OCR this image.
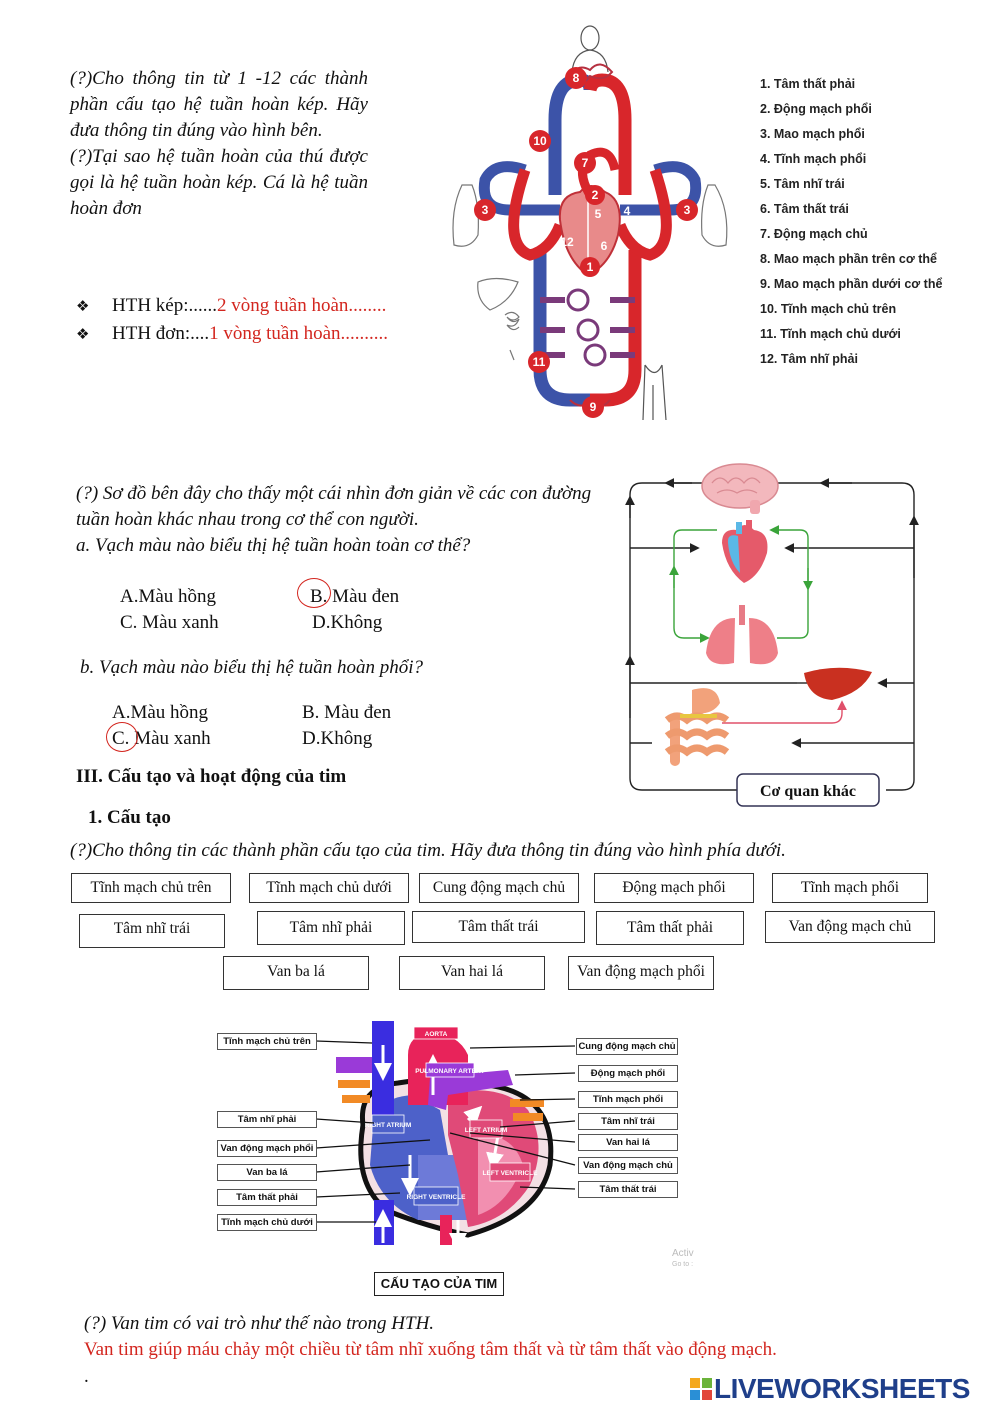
(?)Cho thông tin từ 1 -12 các thành phần cấu tạo hệ tuần hoàn kép. Hãy đưa thông tin đúng vào hình bên.
(?)Tại sao hệ tuần hoàn của thú được gọi là hệ tuần hoàn kép. Cá là hệ tuần hoàn đơn
❖ HTH kép:......2 vòng tuần hoàn........
❖ HTH đơn:....1 vòng tuần hoàn..........
1
2
3	3
4
5
6
7
8
9
10
11
12
1. Tâm thất phải
2. Động mạch phổi
3. Mao mạch phổi
4. Tĩnh mạch phổi
5. Tâm nhĩ trái
6. Tâm thất trái
7. Động mạch chủ
8. Mao mạch phần trên cơ thể
9. Mao mạch phần dưới cơ thể
10. Tĩnh mạch chủ trên
11. Tĩnh mạch chủ dưới
12. Tâm nhĩ phải
(?) Sơ đồ bên đây cho thấy một cái nhìn đơn giản về các con đường tuần hoàn khác nhau trong cơ thể con người.
a. Vạch màu nào biểu thị hệ tuần hoàn toàn cơ thể?
A.Màu hồng	B. Màu đen
C. Màu xanh	D.Không
b. Vạch màu nào biểu thị hệ tuần hoàn phổi?
A.Màu hồng	B. Màu đen
C. Màu xanh	D.Không
Cơ quan khác
III. Cấu tạo và hoạt động của tim
1. Cấu tạo
(?)Cho thông tin các thành phần cấu tạo của tim. Hãy đưa thông tin đúng vào hình phía dưới.
Tĩnh mạch chủ trên	Tĩnh mạch chủ dưới	Cung động mạch chủ	Động mạch phổi	Tĩnh mạch phổi
Tâm nhĩ trái	Tâm nhĩ phải	Tâm thất trái	Tâm thất phải	Van động mạch chủ
Van ba lá	Van hai lá	Van động mạch phổi
AORTA
PULMONARY ARTERY
RIGHT ATRIUM
LEFT ATRIUM
LEFT VENTRICLE
RIGHT VENTRICLE
Tĩnh mạch chủ trên
Tâm nhĩ phải
Van động mạch phổi
Van ba lá
Tâm thất phải
Tĩnh mạch chủ dưới
Cung động mạch chủ
Động mạch phổi
Tĩnh mạch phổi
Tâm nhĩ trái
Van hai lá
Van động mạch chủ
Tâm thất trái
Activ
Go to :
CẤU TẠO CỦA TIM
(?) Van tim có vai trò như thế nào trong HTH.
Van tim giúp máu chảy một chiều từ tâm nhĩ xuống tâm thất và từ tâm thất vào động mạch.
.	LIVEWORKSHEETS
